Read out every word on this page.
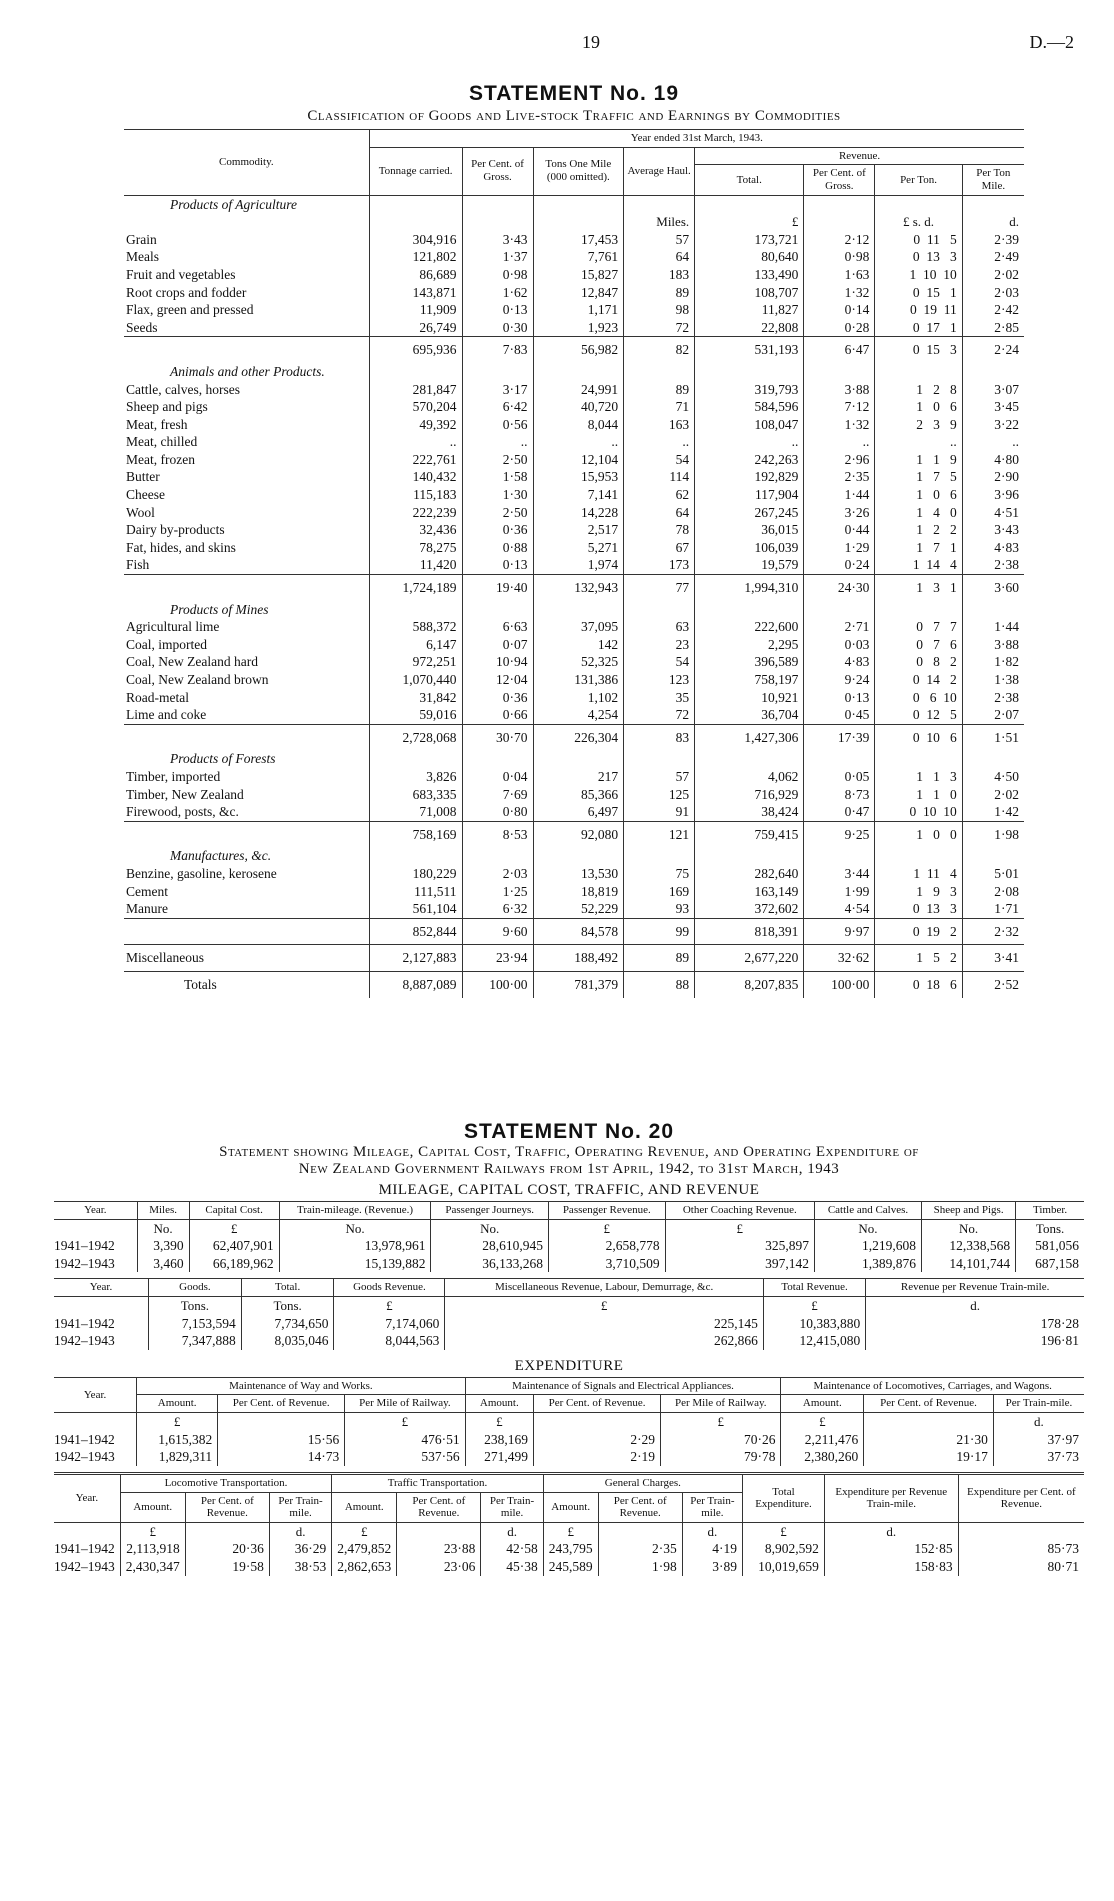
19	D.—2
STATEMENT No. 19
Classification of Goods and Live-stock Traffic and Earnings by Commodities
Commodity.	Year ended 31st March, 1943.							
	Tonnage carried.	Per Cent. of Gross.	Tons One Mile (000 omitted).	Average Haul.	Revenue.			
					Total.	Per Cent. of Gross.	Per Ton.	Per Ton Mile.
Products of Agriculture								
				Miles.	£		£ s. d.	d.
Grain	304,916	3·43	17,453	57	173,721	2·12	0  11   5	2·39
Meals	121,802	1·37	7,761	64	80,640	0·98	0  13   3	2·49
Fruit and vegetables	86,689	0·98	15,827	183	133,490	1·63	1  10  10	2·02
Root crops and fodder	143,871	1·62	12,847	89	108,707	1·32	0  15   1	2·03
Flax, green and pressed	11,909	0·13	1,171	98	11,827	0·14	0  19  11	2·42
Seeds	26,749	0·30	1,923	72	22,808	0·28	0  17   1	2·85
	695,936	7·83	56,982	82	531,193	6·47	0  15   3	2·24
Animals and other Products.								
Cattle, calves, horses	281,847	3·17	24,991	89	319,793	3·88	1   2   8	3·07
Sheep and pigs	570,204	6·42	40,720	71	584,596	7·12	1   0   6	3·45
Meat, fresh	49,392	0·56	8,044	163	108,047	1·32	2   3   9	3·22
Meat, chilled	..	..	..	..	..	..	..	..
Meat, frozen	222,761	2·50	12,104	54	242,263	2·96	1   1   9	4·80
Butter	140,432	1·58	15,953	114	192,829	2·35	1   7   5	2·90
Cheese	115,183	1·30	7,141	62	117,904	1·44	1   0   6	3·96
Wool	222,239	2·50	14,228	64	267,245	3·26	1   4   0	4·51
Dairy by-products	32,436	0·36	2,517	78	36,015	0·44	1   2   2	3·43
Fat, hides, and skins	78,275	0·88	5,271	67	106,039	1·29	1   7   1	4·83
Fish	11,420	0·13	1,974	173	19,579	0·24	1  14   4	2·38
	1,724,189	19·40	132,943	77	1,994,310	24·30	1   3   1	3·60
Products of Mines								
Agricultural lime	588,372	6·63	37,095	63	222,600	2·71	0   7   7	1·44
Coal, imported	6,147	0·07	142	23	2,295	0·03	0   7   6	3·88
Coal, New Zealand hard	972,251	10·94	52,325	54	396,589	4·83	0   8   2	1·82
Coal, New Zealand brown	1,070,440	12·04	131,386	123	758,197	9·24	0  14   2	1·38
Road-metal	31,842	0·36	1,102	35	10,921	0·13	0   6  10	2·38
Lime and coke	59,016	0·66	4,254	72	36,704	0·45	0  12   5	2·07
	2,728,068	30·70	226,304	83	1,427,306	17·39	0  10   6	1·51
Products of Forests								
Timber, imported	3,826	0·04	217	57	4,062	0·05	1   1   3	4·50
Timber, New Zealand	683,335	7·69	85,366	125	716,929	8·73	1   1   0	2·02
Firewood, posts, &c.	71,008	0·80	6,497	91	38,424	0·47	0  10  10	1·42
	758,169	8·53	92,080	121	759,415	9·25	1   0   0	1·98
Manufactures, &c.								
Benzine, gasoline, kerosene	180,229	2·03	13,530	75	282,640	3·44	1  11   4	5·01
Cement	111,511	1·25	18,819	169	163,149	1·99	1   9   3	2·08
Manure	561,104	6·32	52,229	93	372,602	4·54	0  13   3	1·71
	852,844	9·60	84,578	99	818,391	9·97	0  19   2	2·32
Miscellaneous	2,127,883	23·94	188,492	89	2,677,220	32·62	1   5   2	3·41
Totals	8,887,089	100·00	781,379	88	8,207,835	100·00	0  18   6	2·52
STATEMENT No. 20
Statement showing Mileage, Capital Cost, Traffic, Operating Revenue, and Operating Expenditure of
New Zealand Government Railways from 1st April, 1942, to 31st March, 1943
MILEAGE, CAPITAL COST, TRAFFIC, AND REVENUE
Year.	Miles.	Capital Cost.	Train-mileage. (Revenue.)	Passenger Journeys.	Passenger Revenue.	Other Coaching Revenue.	Cattle and Calves.	Sheep and Pigs.	Timber.
	No.	£	No.	No.	£	£	No.	No.	Tons.
1941–1942	3,390	62,407,901	13,978,961	28,610,945	2,658,778	325,897	1,219,608	12,338,568	581,056
1942–1943	3,460	66,189,962	15,139,882	36,133,268	3,710,509	397,142	1,389,876	14,101,744	687,158
Year.	Goods.	Total.	Goods Revenue.	Miscellaneous Revenue, Labour, Demurrage, &c.	Total Revenue.	Revenue per Revenue Train-mile.
	Tons.	Tons.	£	£	£	d.
1941–1942	7,153,594	7,734,650	7,174,060	225,145	10,383,880	178·28
1942–1943	7,347,888	8,035,046	8,044,563	262,866	12,415,080	196·81
EXPENDITURE
Year.	Maintenance of Way and Works.			Maintenance of Signals and Electrical Appliances.			Maintenance of Locomotives, Carriages, and Wagons.		
	Amount.	Per Cent. of Revenue.	Per Mile of Railway.	Amount.	Per Cent. of Revenue.	Per Mile of Railway.	Amount.	Per Cent. of Revenue.	Per Train-mile.
	£		£	£		£	£		d.
1941–1942	1,615,382	15·56	476·51	238,169	2·29	70·26	2,211,476	21·30	37·97
1942–1943	1,829,311	14·73	537·56	271,499	2·19	79·78	2,380,260	19·17	37·73
Year.	Locomotive Transportation.			Traffic Transportation.			General Charges.			Total Expenditure.	Expenditure per Revenue Train-mile.	Expenditure per Cent. of Revenue.
	Amount.	Per Cent. of Revenue.	Per Train-mile.	Amount.	Per Cent. of Revenue.	Per Train-mile.	Amount.	Per Cent. of Revenue.	Per Train-mile.			
	£		d.	£		d.	£		d.	£	d.	
1941–1942	2,113,918	20·36	36·29	2,479,852	23·88	42·58	243,795	2·35	4·19	8,902,592	152·85	85·73
1942–1943	2,430,347	19·58	38·53	2,862,653	23·06	45·38	245,589	1·98	3·89	10,019,659	158·83	80·71
